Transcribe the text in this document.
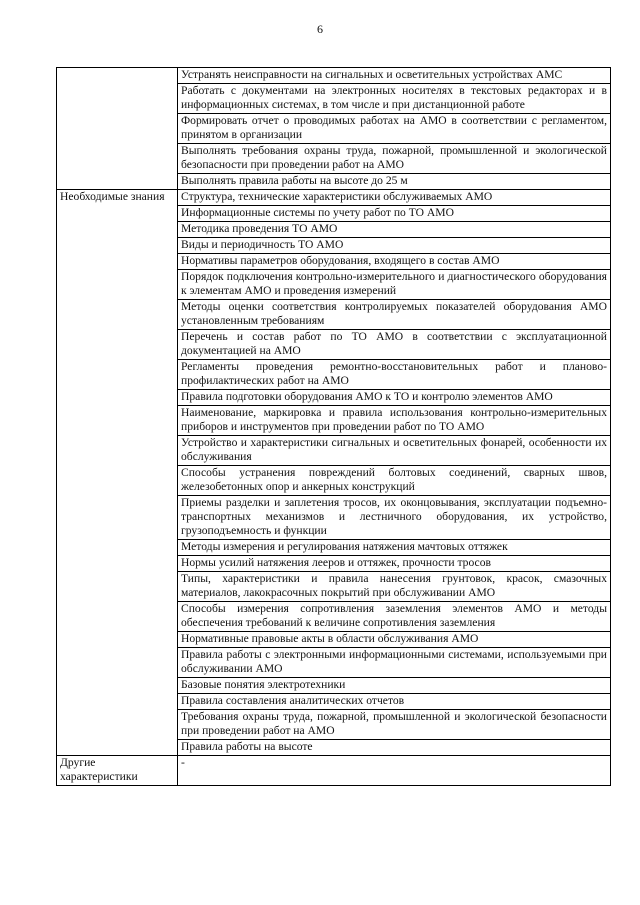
6
	Устранять неисправности на сигнальных и осветительных устройствах АМС
	Работать с документами на электронных носителях в текстовых редакторах и в информационных системах, в том числе и при дистанционной работе
	Формировать отчет о проводимых работах на АМО в соответствии с регламентом, принятом в организации
	Выполнять требования охраны труда, пожарной, промышленной и экологической безопасности при проведении работ на АМО
	Выполнять правила работы на высоте до 25 м
Необходимые знания	Структура, технические характеристики обслуживаемых АМО
	Информационные системы по учету работ по ТО АМО
	Методика проведения ТО АМО
	Виды и периодичность ТО АМО
	Нормативы параметров оборудования, входящего в состав АМО
	Порядок подключения контрольно-измерительного и диагностического оборудования к элементам АМО и проведения измерений
	Методы оценки соответствия контролируемых показателей оборудования АМО установленным требованиям
	Перечень и состав работ по ТО АМО в соответствии с эксплуатационной документацией на АМО
	Регламенты проведения ремонтно-восстановительных работ и планово-профилактических работ на АМО
	Правила подготовки оборудования АМО к ТО и контролю элементов АМО
	Наименование, маркировка и правила использования контрольно-измерительных приборов и инструментов при проведении работ по ТО АМО
	Устройство и характеристики сигнальных и осветительных фонарей, особенности их обслуживания
	Способы устранения повреждений болтовых соединений, сварных швов, железобетонных опор и анкерных конструкций
	Приемы разделки и заплетения тросов, их оконцовывания, эксплуатации подъемно-транспортных механизмов и лестничного оборудования, их устройство, грузоподъемность и функции
	Методы измерения и регулирования натяжения мачтовых оттяжек
	Нормы усилий натяжения лееров и оттяжек, прочности тросов
	Типы, характеристики и правила нанесения грунтовок, красок, смазочных материалов, лакокрасочных покрытий при обслуживании АМО
	Способы измерения сопротивления заземления элементов АМО и методы обеспечения требований к величине сопротивления заземления
	Нормативные правовые акты в области обслуживания АМО
	Правила работы с электронными информационными системами, используемыми при обслуживании АМО
	Базовые понятия электротехники
	Правила составления аналитических отчетов
	Требования охраны труда, пожарной, промышленной и экологической безопасности при проведении работ на АМО
	Правила работы на высоте
Другие характеристики	-
